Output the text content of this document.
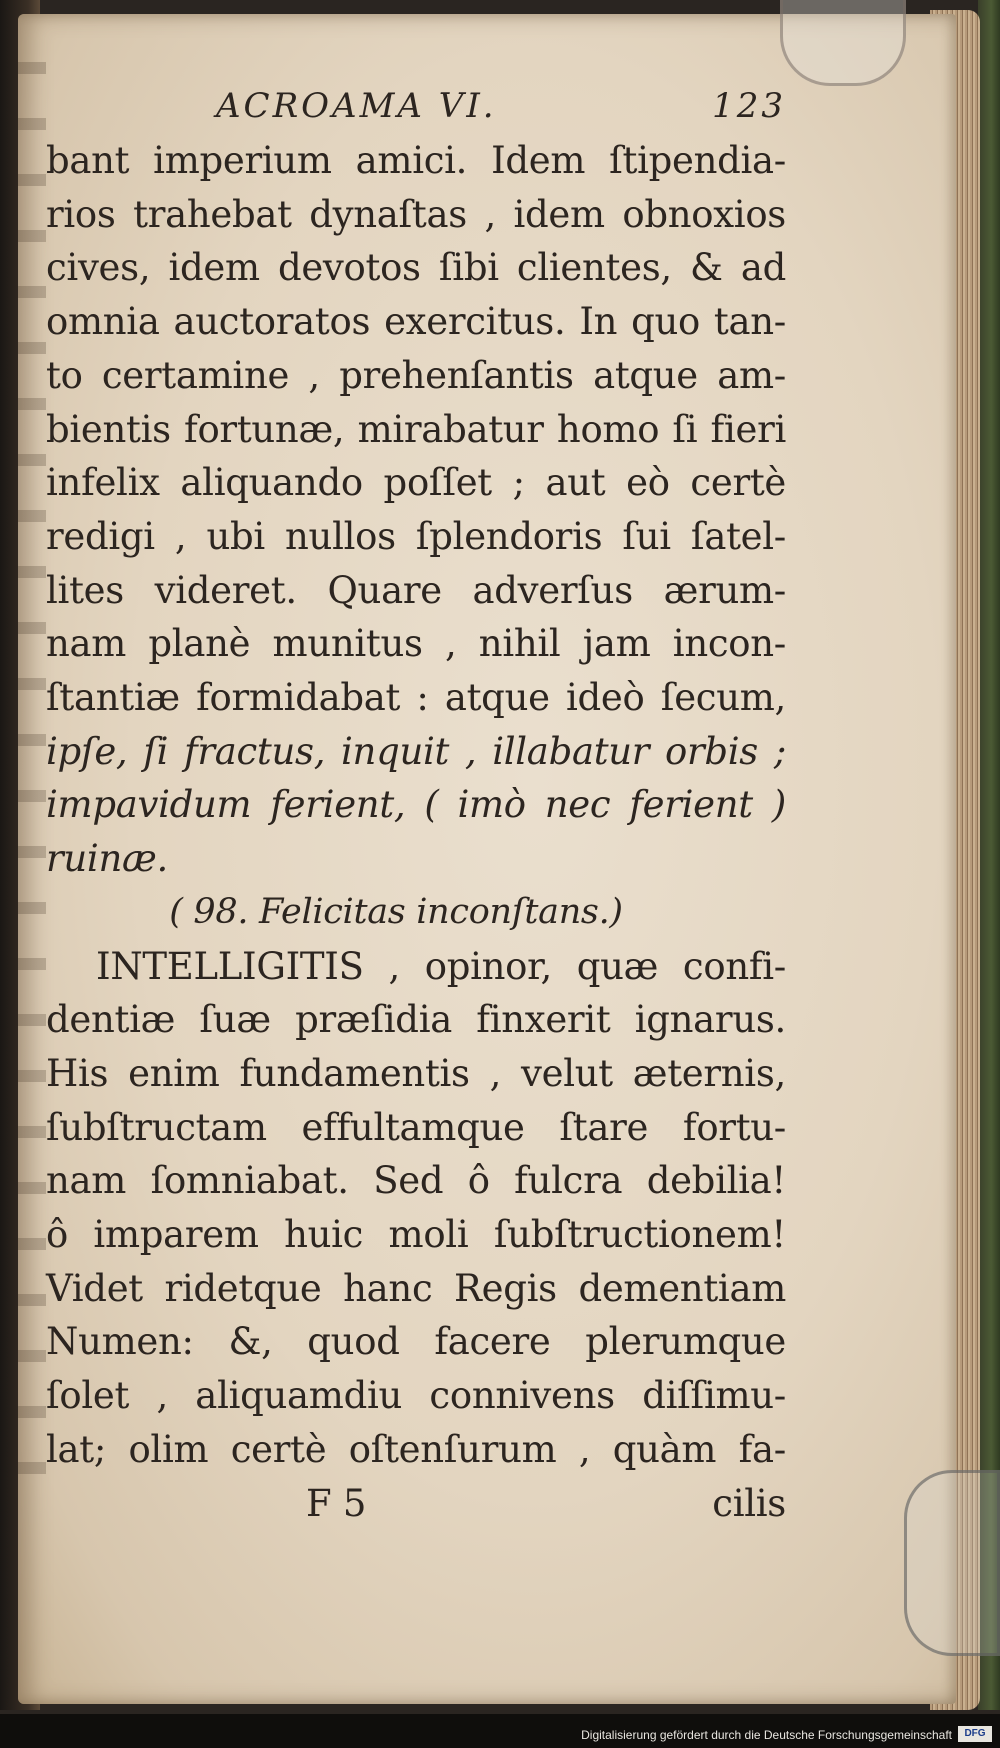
ACROAMA VI.	123
bant imperium amici. Idem ſtipendia-
rios trahebat dynaſtas , idem obnoxios
cives, idem devotos ſibi clientes, & ad
omnia auctoratos exercitus. In quo tan-
to certamine , prehenſantis atque am-
bientis fortunæ, mirabatur homo ſi fieri
infelix aliquando poſſet ; aut eò certè
redigi , ubi nullos ſplendoris ſui ſatel-
lites videret. Quare adverſus ærum-
nam planè munitus , nihil jam incon-
ſtantiæ formidabat : atque ideò ſecum,
ipſe, ſi fractus, inquit , illabatur orbis ;
impavidum ferient, ( imò nec ferient )
ruinæ.
( 98. Felicitas inconſtans.)
INTELLIGITIS , opinor, quæ confi-
dentiæ ſuæ præſidia finxerit ignarus.
His enim fundamentis , velut æternis,
ſubſtructam effultamque ſtare fortu-
nam ſomniabat. Sed ô fulcra debilia!
ô imparem huic moli ſubſtructionem!
Videt ridetque hanc Regis dementiam
Numen: &, quod facere plerumque
ſolet , aliquamdiu connivens diſſimu-
lat; olim certè oſtenſurum , quàm fa-
F 5	cilis
Digitalisierung gefördert durch die Deutsche Forschungsgemeinschaft	DFG
